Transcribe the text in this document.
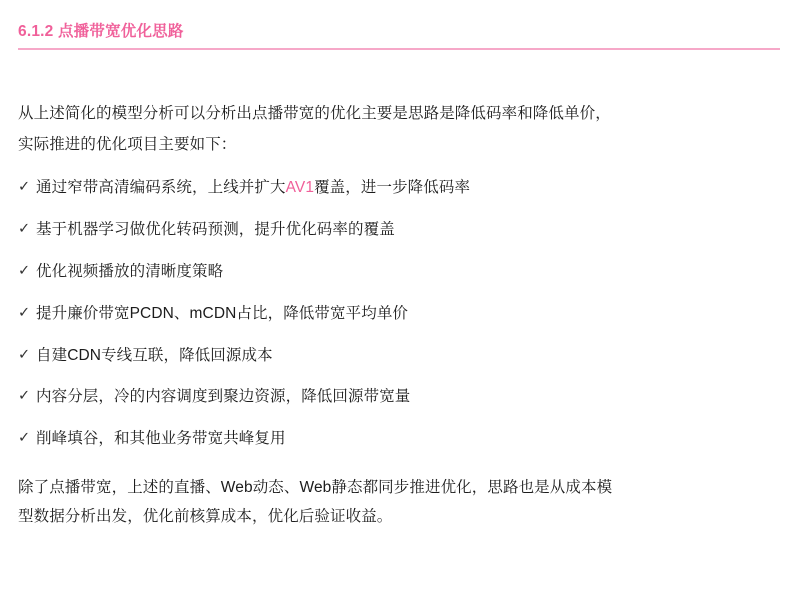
6.1.2 点播带宽优化思路

从上述简化的模型分析可以分析出点播带宽的优化主要是思路是降低码率和降低单价，

实际推进的优化项目主要如下：

✓ 通过窄带高清编码系统，上线并扩大AV1覆盖，进一步降低码率
✓ 基于机器学习做优化转码预测，提升优化码率的覆盖
✓ 优化视频播放的清晰度策略
✓ 提升廉价带宽PCDN、mCDN占比，降低带宽平均单价
✓ 自建CDN专线互联，降低回源成本
✓ 内容分层，冷的内容调度到聚边资源，降低回源带宽量
✓ 削峰填谷，和其他业务带宽共峰复用

除了点播带宽，上述的直播、Web动态、Web静态都同步推进优化，思路也是从成本模

型数据分析出发，优化前核算成本，优化后验证收益。
